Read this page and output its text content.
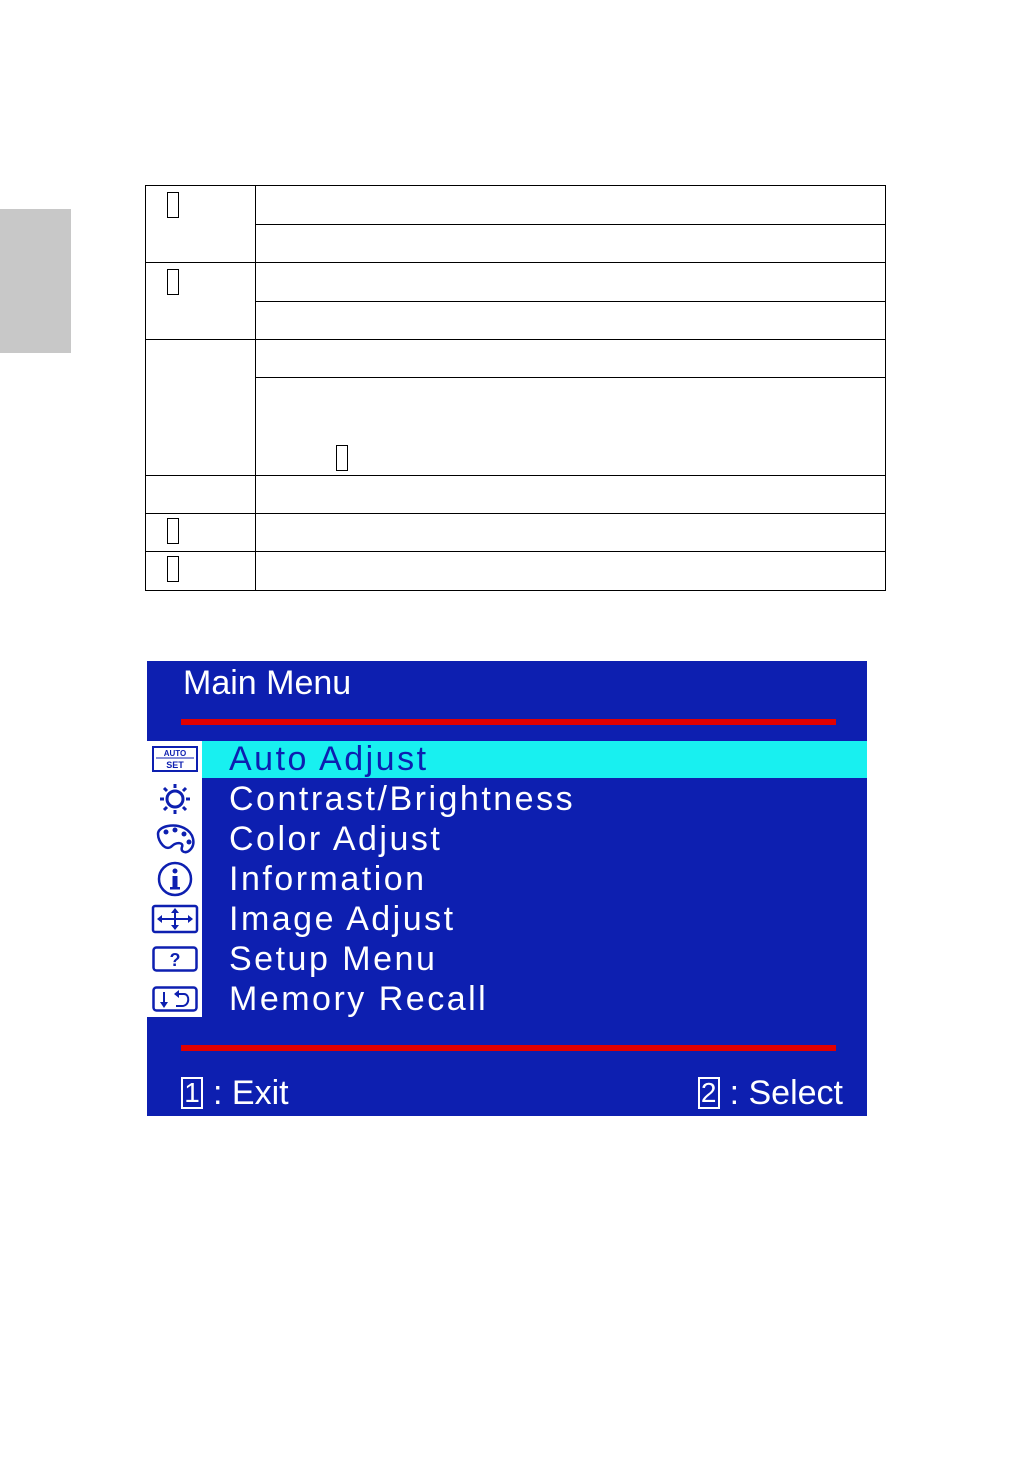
Main Menu
AUTO
SET Auto Adjust
Contrast/Brightness
Color Adjust
Information
Image Adjust
? Setup Menu
Memory Recall
1 : Exit	2 : Select
